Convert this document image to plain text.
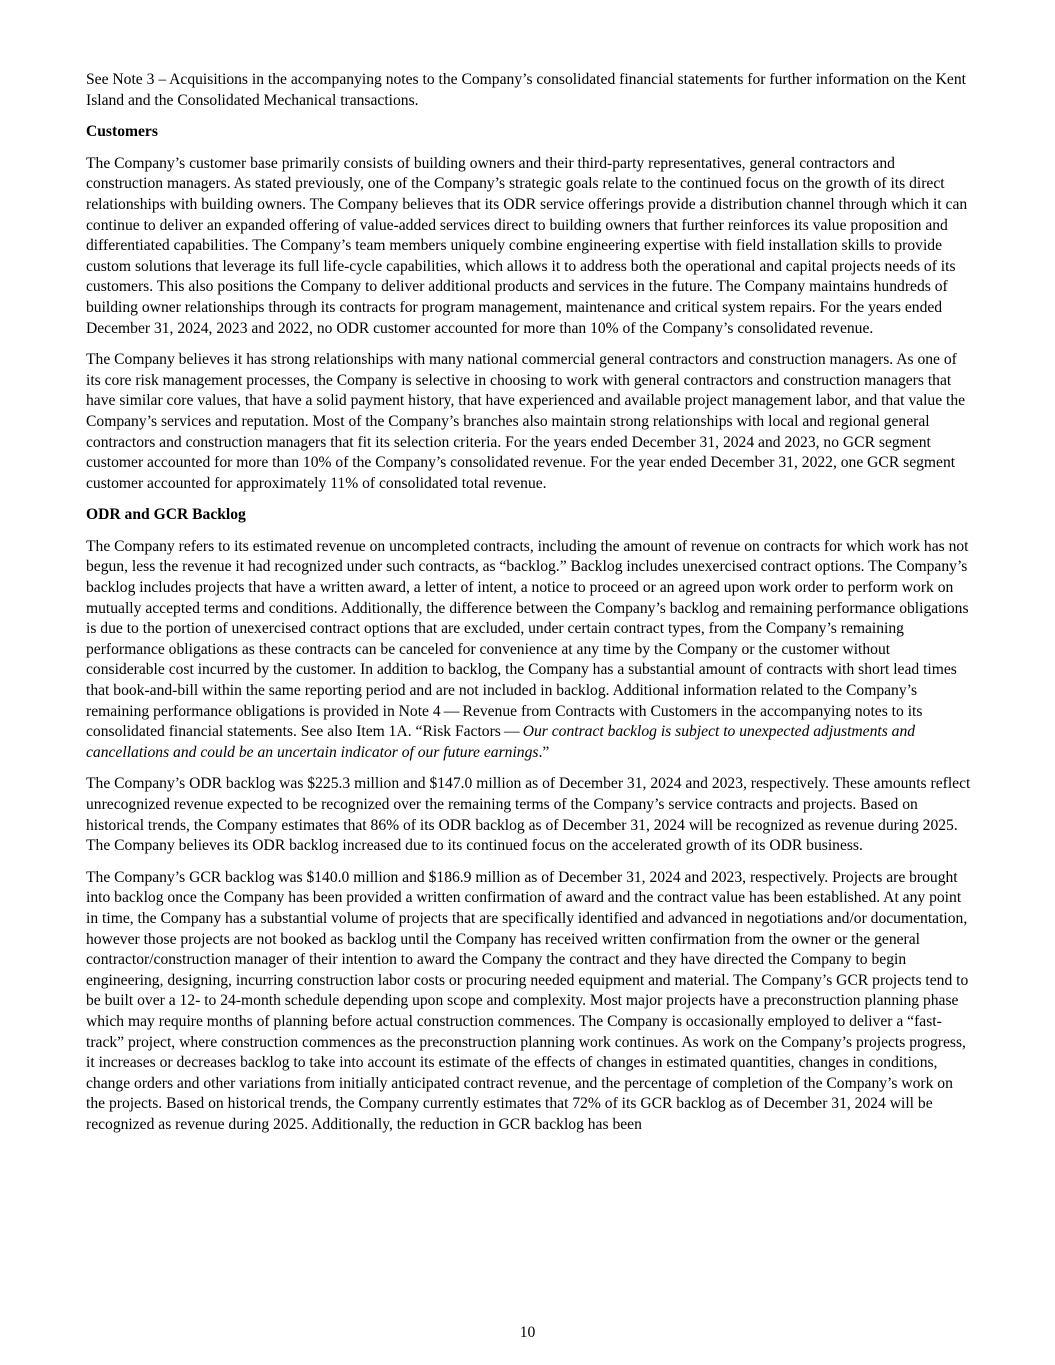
See Note 3 – Acquisitions in the accompanying notes to the Company’s consolidated financial statements for further information on the Kent Island and the Consolidated Mechanical transactions.

Customers

The Company’s customer base primarily consists of building owners and their third-party representatives, general contractors and construction managers. As stated previously, one of the Company’s strategic goals relate to the continued focus on the growth of its direct relationships with building owners. The Company believes that its ODR service offerings provide a distribution channel through which it can continue to deliver an expanded offering of value-added services direct to building owners that further reinforces its value proposition and differentiated capabilities. The Company’s team members uniquely combine engineering expertise with field installation skills to provide custom solutions that leverage its full life-cycle capabilities, which allows it to address both the operational and capital projects needs of its customers. This also positions the Company to deliver additional products and services in the future. The Company maintains hundreds of building owner relationships through its contracts for program management, maintenance and critical system repairs. For the years ended December 31, 2024, 2023 and 2022, no ODR customer accounted for more than 10% of the Company’s consolidated revenue.

The Company believes it has strong relationships with many national commercial general contractors and construction managers. As one of its core risk management processes, the Company is selective in choosing to work with general contractors and construction managers that have similar core values, that have a solid payment history, that have experienced and available project management labor, and that value the Company’s services and reputation. Most of the Company’s branches also maintain strong relationships with local and regional general contractors and construction managers that fit its selection criteria. For the years ended December 31, 2024 and 2023, no GCR segment customer accounted for more than 10% of the Company’s consolidated revenue. For the year ended December 31, 2022, one GCR segment customer accounted for approximately 11% of consolidated total revenue.

ODR and GCR Backlog

The Company refers to its estimated revenue on uncompleted contracts, including the amount of revenue on contracts for which work has not begun, less the revenue it had recognized under such contracts, as “backlog.” Backlog includes unexercised contract options. The Company’s backlog includes projects that have a written award, a letter of intent, a notice to proceed or an agreed upon work order to perform work on mutually accepted terms and conditions. Additionally, the difference between the Company’s backlog and remaining performance obligations is due to the portion of unexercised contract options that are excluded, under certain contract types, from the Company’s remaining performance obligations as these contracts can be canceled for convenience at any time by the Company or the customer without considerable cost incurred by the customer. In addition to backlog, the Company has a substantial amount of contracts with short lead times that book-and-bill within the same reporting period and are not included in backlog. Additional information related to the Company’s remaining performance obligations is provided in Note 4 — Revenue from Contracts with Customers in the accompanying notes to its consolidated financial statements. See also Item 1A. “Risk Factors — Our contract backlog is subject to unexpected adjustments and cancellations and could be an uncertain indicator of our future earnings.”

The Company’s ODR backlog was $225.3 million and $147.0 million as of December 31, 2024 and 2023, respectively. These amounts reflect unrecognized revenue expected to be recognized over the remaining terms of the Company’s service contracts and projects. Based on historical trends, the Company estimates that 86% of its ODR backlog as of December 31, 2024 will be recognized as revenue during 2025. The Company believes its ODR backlog increased due to its continued focus on the accelerated growth of its ODR business.

The Company’s GCR backlog was $140.0 million and $186.9 million as of December 31, 2024 and 2023, respectively. Projects are brought into backlog once the Company has been provided a written confirmation of award and the contract value has been established. At any point in time, the Company has a substantial volume of projects that are specifically identified and advanced in negotiations and/or documentation, however those projects are not booked as backlog until the Company has received written confirmation from the owner or the general contractor/construction manager of their intention to award the Company the contract and they have directed the Company to begin engineering, designing, incurring construction labor costs or procuring needed equipment and material. The Company’s GCR projects tend to be built over a 12- to 24-month schedule depending upon scope and complexity. Most major projects have a preconstruction planning phase which may require months of planning before actual construction commences. The Company is occasionally employed to deliver a “fast-track” project, where construction commences as the preconstruction planning work continues. As work on the Company’s projects progress, it increases or decreases backlog to take into account its estimate of the effects of changes in estimated quantities, changes in conditions, change orders and other variations from initially anticipated contract revenue, and the percentage of completion of the Company’s work on the projects. Based on historical trends, the Company currently estimates that 72% of its GCR backlog as of December 31, 2024 will be recognized as revenue during 2025. Additionally, the reduction in GCR backlog has been

10
